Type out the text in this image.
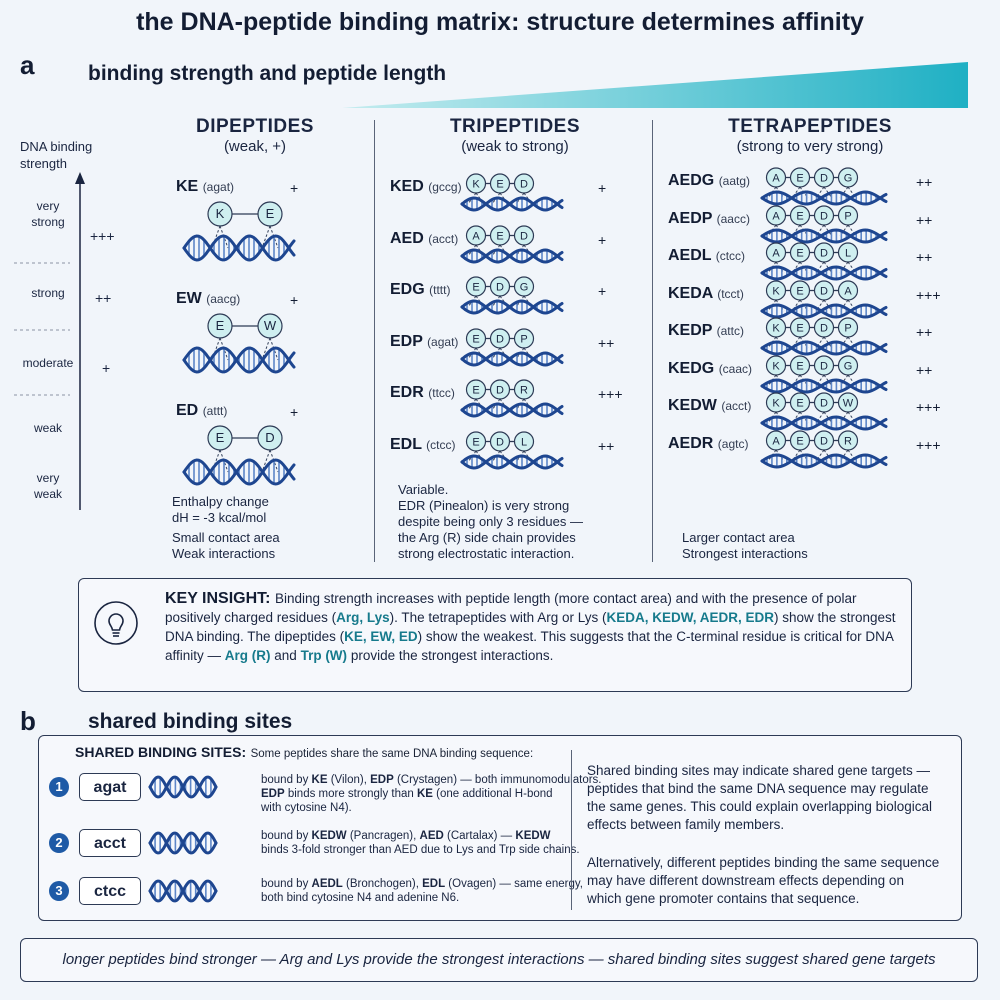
the DNA-peptide binding matrix: structure determines affinity
a	binding strength and peptide length
DNA binding
strength
very
strong
+++
strong	++
moderate	+
weak
very
weak
DIPEPTIDES
(weak, +)
KE (agat)	+
K	E
EW (aacg)	+
E	W
ED (attt)	+
E	D
Enthalpy change
dH = -3 kcal/mol
Small contact area
Weak interactions
TRIPEPTIDES
(weak to strong)
KED (gccg)	+
K E D
AED (acct)	+
A E D
EDG (tttt)	+
E D G
EDP (agat)	++
E D P
EDR (ttcc)	+++
E D R
EDL (ctcc)	++
E D L
Variable.
EDR (Pinealon) is very strong
despite being only 3 residues —
the Arg (R) side chain provides
strong electrostatic interaction.
TETRAPEPTIDES
(strong to very strong)
AEDG (aatg)	++
A E D G
AEDP (aacc)	++
A E D P
AEDL (ctcc)	++
A E D L
KEDA (tcct)	+++
K E D A
KEDP (attc)	++
K E D P
KEDG (caac)	++
K E D G
KEDW (acct)	+++
K E D W
AEDR (agtc)	+++
A E D R
Larger contact area
Strongest interactions
KEY INSIGHT: Binding strength increases with peptide length (more contact area) and with the presence of polar positively charged residues (Arg, Lys). The tetrapeptides with Arg or Lys (KEDA, KEDW, AEDR, EDR) show the strongest DNA binding. The dipeptides (KE, EW, ED) show the weakest. This suggests that the C-terminal residue is critical for DNA affinity — Arg (R) and Trp (W) provide the strongest interactions.
b shared binding sites
SHARED BINDING SITES: Some peptides share the same DNA binding sequence:
1	agat	bound by KE (Vilon), EDP (Crystagen) — both immunomodulators.
EDP binds more strongly than KE (one additional H-bond
with cytosine N4).
2	acct	bound by KEDW (Pancragen), AED (Cartalax) — KEDW
binds 3-fold stronger than AED due to Lys and Trp side chains.
3	ctcc	bound by AEDL (Bronchogen), EDL (Ovagen) — same energy,
both bind cytosine N4 and adenine N6.
Shared binding sites may indicate shared gene targets —
peptides that bind the same DNA sequence may regulate
the same genes. This could explain overlapping biological
effects between family members.
Alternatively, different peptides binding the same sequence
may have different downstream effects depending on
which gene promoter contains that sequence.
longer peptides bind stronger — Arg and Lys provide the strongest interactions — shared binding sites suggest shared gene targets
